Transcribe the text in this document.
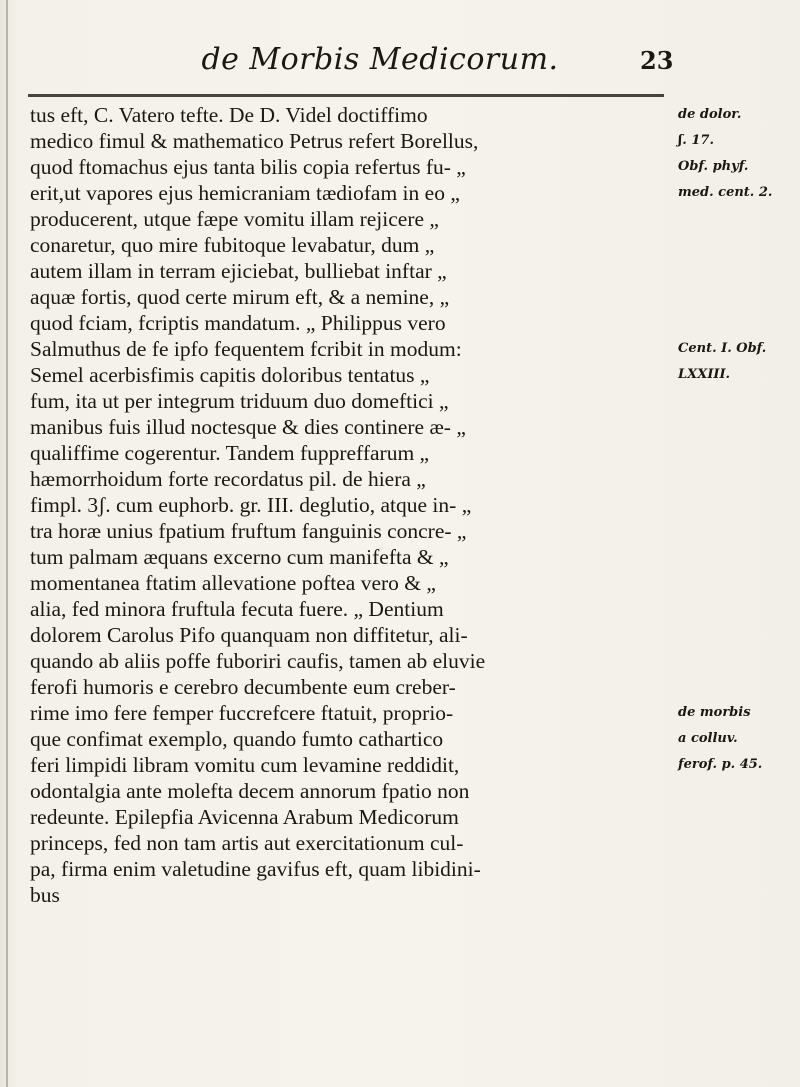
de Morbis Medicorum.	23
tus eft, C. Vatero tefte. De D. Videl doctiffimo
medico fimul & mathematico Petrus refert Borellus,
quod ftomachus ejus tanta bilis copia refertus fu- „
erit,ut vapores ejus hemicraniam tædiofam in eo „
producerent, utque fæpe vomitu illam rejicere „
conaretur, quo mire fubitoque levabatur, dum „
autem illam in terram ejiciebat, bulliebat inftar „
aquæ fortis, quod certe mirum eft, & a nemine, „
quod fciam, fcriptis mandatum. „ Philippus vero
Salmuthus de fe ipfo fequentem fcribit in modum:
Semel acerbisfimis capitis doloribus tentatus „
fum, ita ut per integrum triduum duo domeftici „
manibus fuis illud noctesque & dies continere æ- „
qualiffime cogerentur. Tandem fuppreffarum „
hæmorrhoidum forte recordatus pil. de hiera „
fimpl. 3ʃ. cum euphorb. gr. III. deglutio, atque in- „
tra horæ unius fpatium fruftum fanguinis concre- „
tum palmam æquans excerno cum manifefta & „
momentanea ftatim allevatione poftea vero & „
alia, fed minora fruftula fecuta fuere. „ Dentium
dolorem Carolus Pifo quanquam non diffitetur, ali-
quando ab aliis poffe fuboriri caufis, tamen ab eluvie
ferofi humoris e cerebro decumbente eum creber-
rime imo fere femper fuccrefcere ftatuit, proprio-
que confimat exemplo, quando fumto cathartico
feri limpidi libram vomitu cum levamine reddidit,
odontalgia ante molefta decem annorum fpatio non
redeunte. Epilepfia Avicenna Arabum Medicorum
princeps, fed non tam artis aut exercitationum cul-
pa, firma enim valetudine gavifus eft, quam libidini-
bus
de dolor.
ʃ. 17.
Obf. phyf.
med. cent. 2.
Cent. I. Obf.
LXXIII.
de morbis
a colluv.
ferof. p. 45.
